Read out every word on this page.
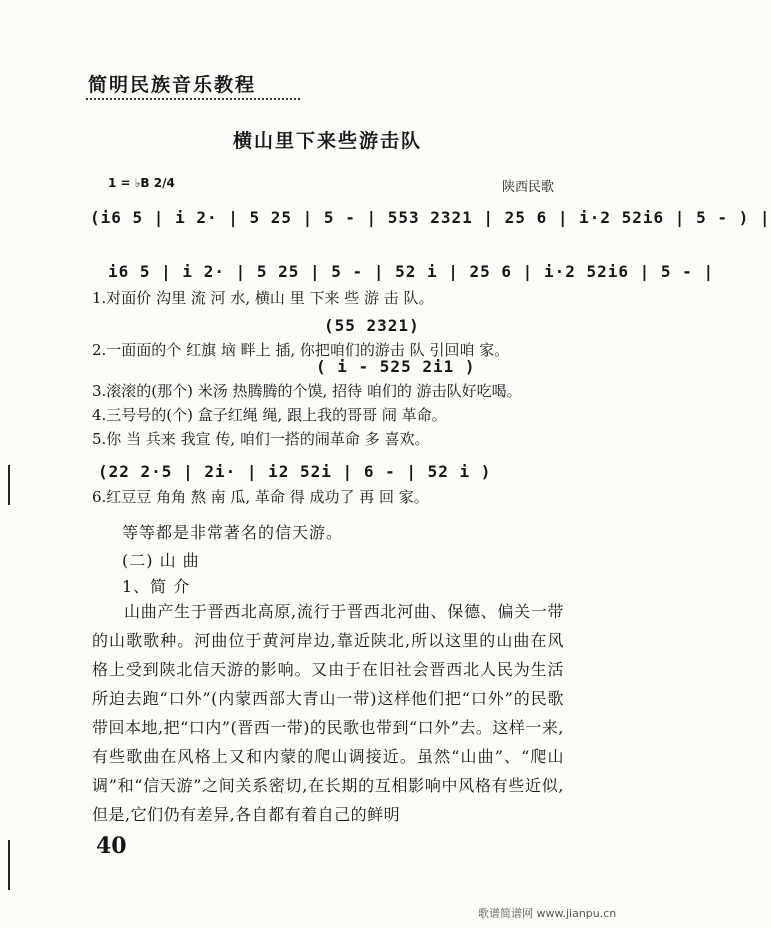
简明民族音乐教程
横山里下来些游击队
1 = ♭B 2/4	陕西民歌
(i6 5 | i 2· | 5 25 | 5 - | 553 2321 | 25 6 | i·2 52i6 | 5 - ) |
i6 5 | i 2· | 5 25 | 5 - | 52 i | 25 6 | i·2 52i6 | 5 - |
1.对面价 沟里 流 河 水, 横山 里 下来 些 游 击 队。
(55 2321)
2.一面面的个 红旗 垴 畔上 插, 你把咱们的游击 队 引回咱 家。
( i - 525 2i1 )
3.滚滚的(那个) 米汤 热腾腾的个馍, 招待 咱们的 游击队好吃喝。
4.三号号的(个) 盒子红绳 绳, 跟上我的哥哥 闹 革命。
5.你 当 兵来 我宣 传, 咱们一搭的闹革命 多 喜欢。
(22 2·5 | 2i· | i2 52i | 6 - | 52 i )
6.红豆豆 角角 熬 南 瓜, 革命 得 成功了 再 回 家。
等等都是非常著名的信天游。
(二) 山 曲
1、简 介
山曲产生于晋西北高原,流行于晋西北河曲、保德、偏关一带的山歌歌种。河曲位于黄河岸边,靠近陕北,所以这里的山曲在风格上受到陕北信天游的影响。又由于在旧社会晋西北人民为生活所迫去跑“口外”(内蒙西部大青山一带)这样他们把“口外”的民歌带回本地,把“口内”(晋西一带)的民歌也带到“口外”去。这样一来,有些歌曲在风格上又和内蒙的爬山调接近。虽然“山曲”、“爬山调”和“信天游”之间关系密切,在长期的互相影响中风格有些近似,但是,它们仍有差异,各自都有着自己的鲜明
40
歌谱简谱网 www.jianpu.cn
